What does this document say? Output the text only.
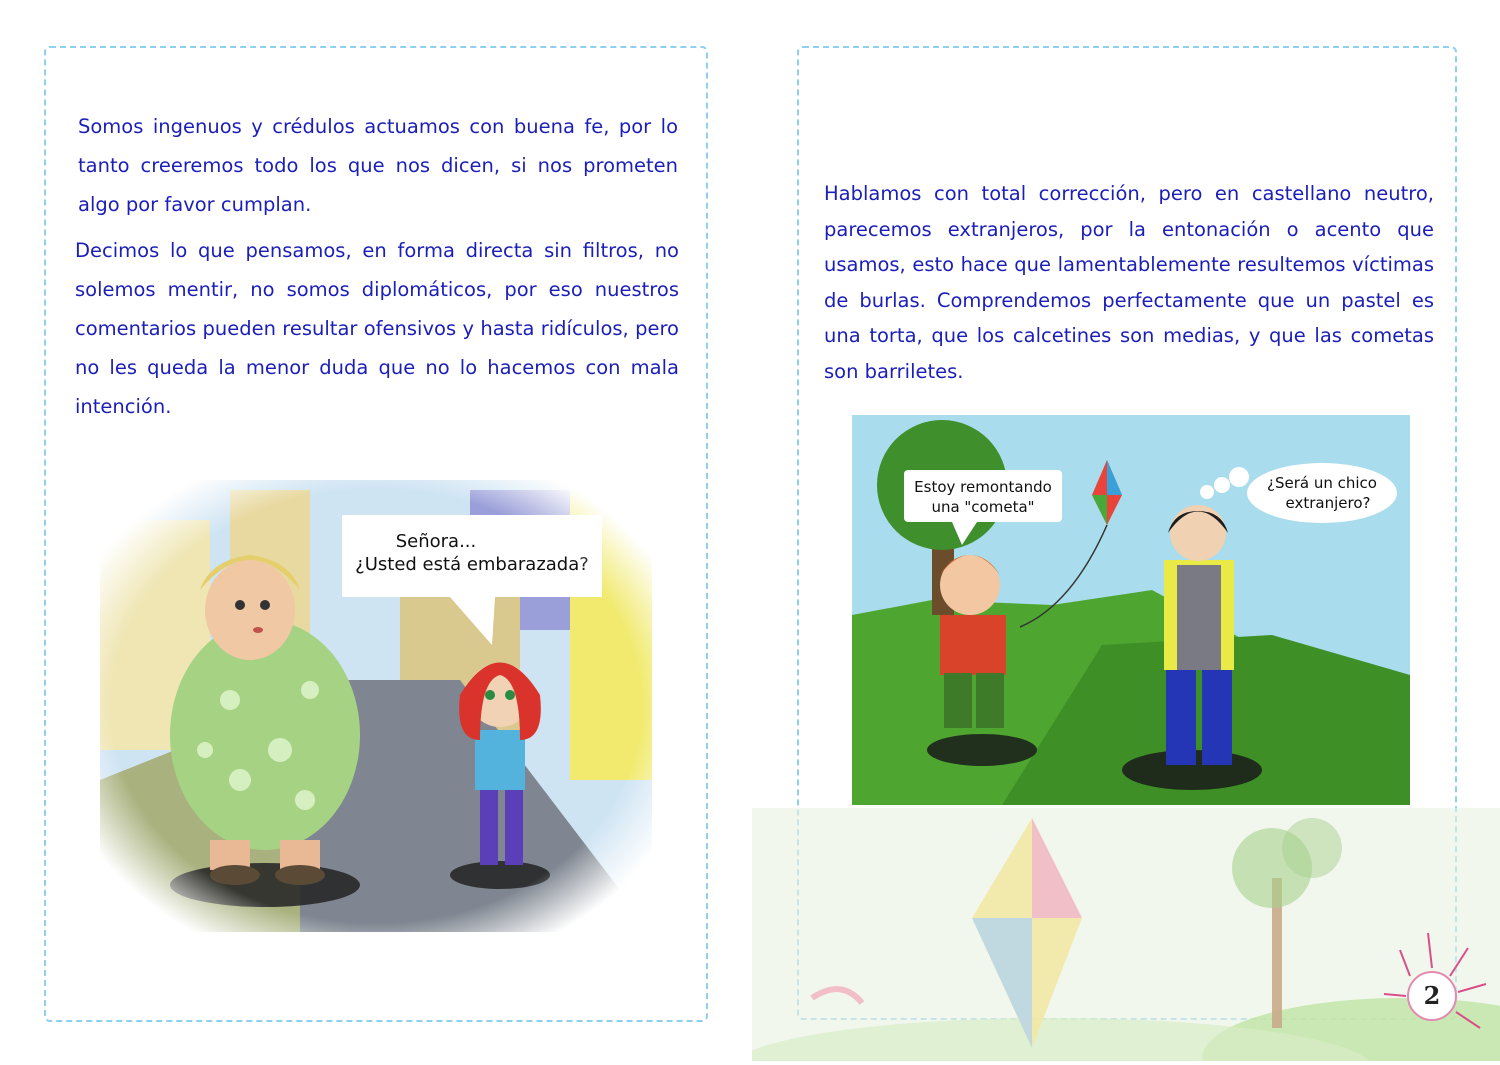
Somos ingenuos y crédulos actuamos con buena fe, por lo tanto creeremos todo los que nos dicen, si nos prometen algo por favor cumplan.

Decimos lo que pensamos, en forma directa sin filtros, no solemos mentir, no somos diplomáticos, por eso nuestros comentarios pueden resultar ofensivos y hasta ridículos, pero no les queda la menor duda que no lo hacemos con mala intención.

Hablamos con total corrección, pero en castellano neutro, parecemos extranjeros, por la entonación o acento que usamos, esto hace que lamentablemente resultemos víctimas de burlas. Comprendemos perfectamente que un pastel es una torta, que los calcetines son medias, y que las cometas son barriletes.

Estoy remontando
una "cometa"
¿Será un chico
extranjero?
2
